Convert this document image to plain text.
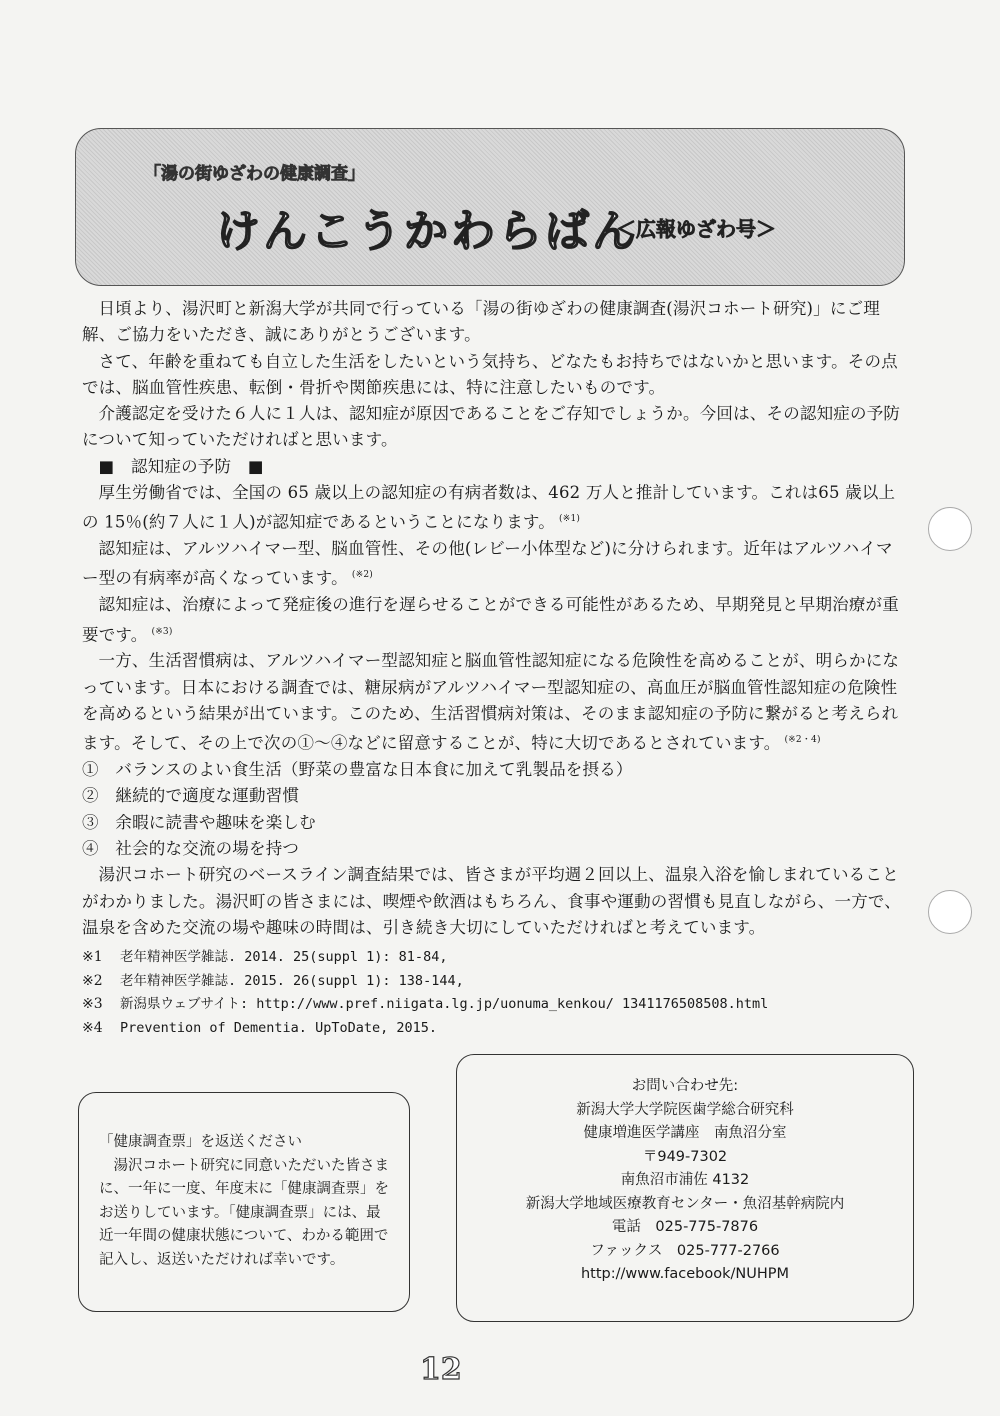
「湯の街ゆざわの健康調査」
けんこうかわらばん
＜広報ゆざわ号＞

日頃より、湯沢町と新潟大学が共同で行っている「湯の街ゆざわの健康調査(湯沢コホート研究)」にご理解、ご協力をいただき、誠にありがとうございます。

さて、年齢を重ねても自立した生活をしたいという気持ち、どなたもお持ちではないかと思います。その点では、脳血管性疾患、転倒・骨折や関節疾患には、特に注意したいものです。

介護認定を受けた６人に１人は、認知症が原因であることをご存知でしょうか。今回は、その認知症の予防について知っていただければと思います。

■　認知症の予防　■

厚生労働省では、全国の 65 歳以上の認知症の有病者数は、462 万人と推計しています。これは65 歳以上の 15％(約７人に１人)が認知症であるということになります。 $^{(※1)}$

認知症は、アルツハイマー型、脳血管性、その他(レビー小体型など)に分けられます。近年はアルツハイマー型の有病率が高くなっています。 $^{(※2)}$

認知症は、治療によって発症後の進行を遅らせることができる可能性があるため、早期発見と早期治療が重要です。 $^{(※3)}$

一方、生活習慣病は、アルツハイマー型認知症と脳血管性認知症になる危険性を高めることが、明らかになっています。日本における調査では、糖尿病がアルツハイマー型認知症の、高血圧が脳血管性認知症の危険性を高めるという結果が出ています。このため、生活習慣病対策は、そのまま認知症の予防に繋がると考えられます。そして、その上で次の①～④などに留意することが、特に大切であるとされています。 $^{(※2・4)}$

①　バランスのよい食生活（野菜の豊富な日本食に加えて乳製品を摂る）

②　継続的で適度な運動習慣

③　余暇に読書や趣味を楽しむ

④　社会的な交流の場を持つ

湯沢コホート研究のベースライン調査結果では、皆さまが平均週２回以上、温泉入浴を愉しまれていることがわかりました。湯沢町の皆さまには、喫煙や飲酒はもちろん、食事や運動の習慣も見直しながら、一方で、温泉を含めた交流の場や趣味の時間は、引き続き大切にしていただければと考えています。

※1 老年精神医学雑誌. 2014. 25(suppl 1): 81-84,
※2 老年精神医学雑誌. 2015. 26(suppl 1): 138-144,
※3 新潟県ウェブサイト: http://www.pref.niigata.lg.jp/uonuma_kenkou/ 1341176508508.html
※4 Prevention of Dementia. UpToDate, 2015.
お問い合わせ先:
新潟大学大学院医歯学総合研究科
健康増進医学講座　南魚沼分室
〒949-7302
南魚沼市浦佐 4132
新潟大学地域医療教育センター・魚沼基幹病院内
電話　025-775-7876
ファックス　025-777-2766
http://www.facebook/NUHPM
「健康調査票」を返送ください
湯沢コホート研究に同意いただいた皆さまに、一年に一度、年度末に「健康調査票」をお送りしています。「健康調査票」には、最近一年間の健康状態について、わかる範囲で記入し、返送いただければ幸いです。
12
